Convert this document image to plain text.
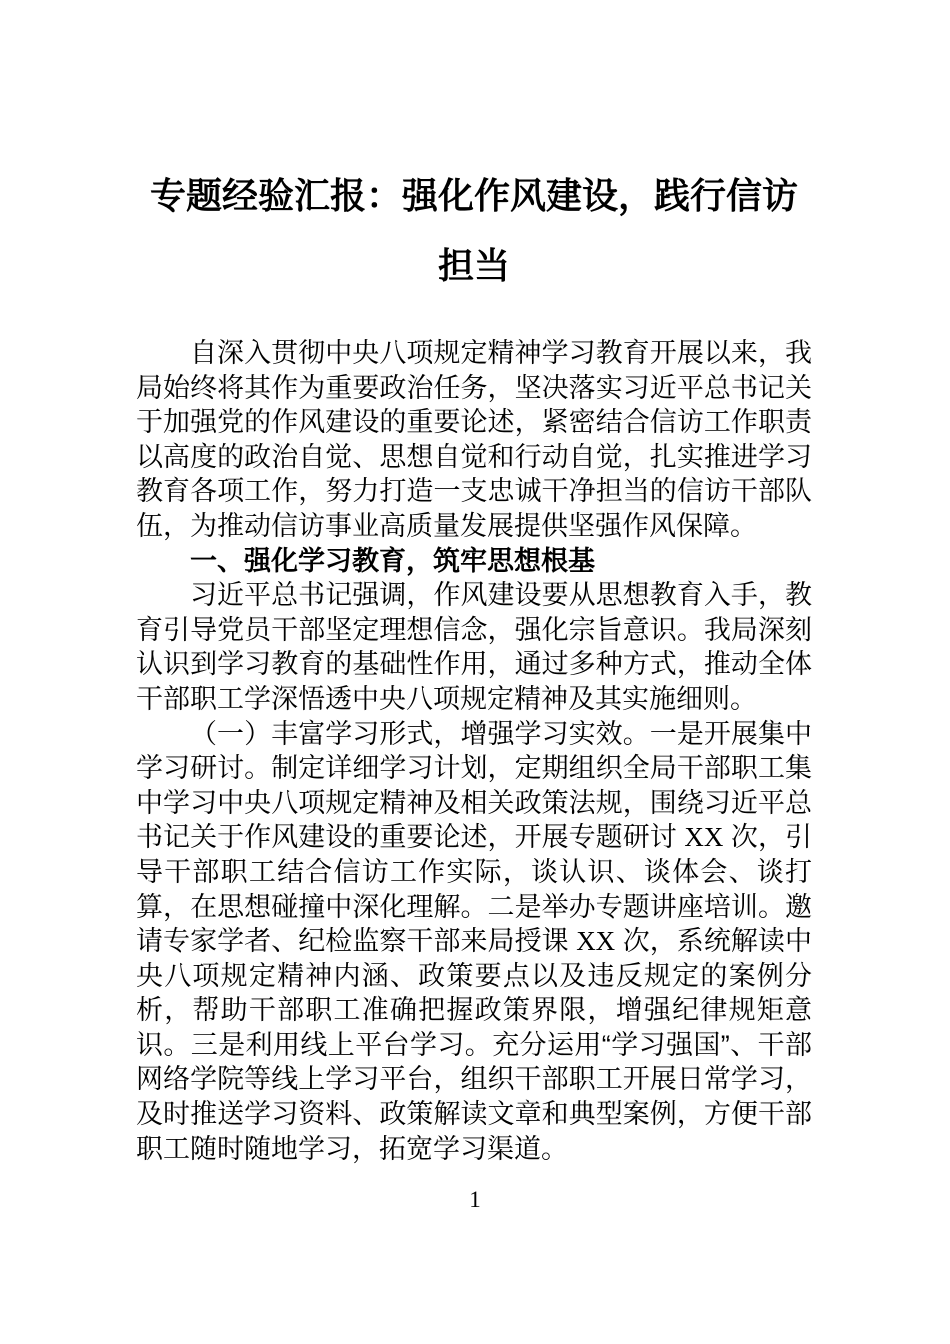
专题经验汇报：强化作风建设，践行信访担当

自深入贯彻中央八项规定精神学习教育开展以来，我局始终将其作为重要政治任务，坚决落实习近平总书记关于加强党的作风建设的重要论述，紧密结合信访工作职责以高度的政治自觉、思想自觉和行动自觉，扎实推进学习教育各项工作，努力打造一支忠诚干净担当的信访干部队伍，为推动信访事业高质量发展提供坚强作风保障。

一、强化学习教育，筑牢思想根基

习近平总书记强调，作风建设要从思想教育入手，教育引导党员干部坚定理想信念，强化宗旨意识。我局深刻认识到学习教育的基础性作用，通过多种方式，推动全体干部职工学深悟透中央八项规定精神及其实施细则。

（一）丰富学习形式，增强学习实效。一是开展集中学习研讨。制定详细学习计划，定期组织全局干部职工集中学习中央八项规定精神及相关政策法规，围绕习近平总书记关于作风建设的重要论述，开展专题研讨 XX 次，引导干部职工结合信访工作实际，谈认识、谈体会、谈打算，在思想碰撞中深化理解。二是举办专题讲座培训。邀请专家学者、纪检监察干部来局授课 XX 次，系统解读中央八项规定精神内涵、政策要点以及违反规定的案例分析，帮助干部职工准确把握政策界限，增强纪律规矩意识。三是利用线上平台学习。充分运用“学习强国”、干部网络学院等线上学习平台，组织干部职工开展日常学习，及时推送学习资料、政策解读文章和典型案例，方便干部职工随时随地学习，拓宽学习渠道。

1
